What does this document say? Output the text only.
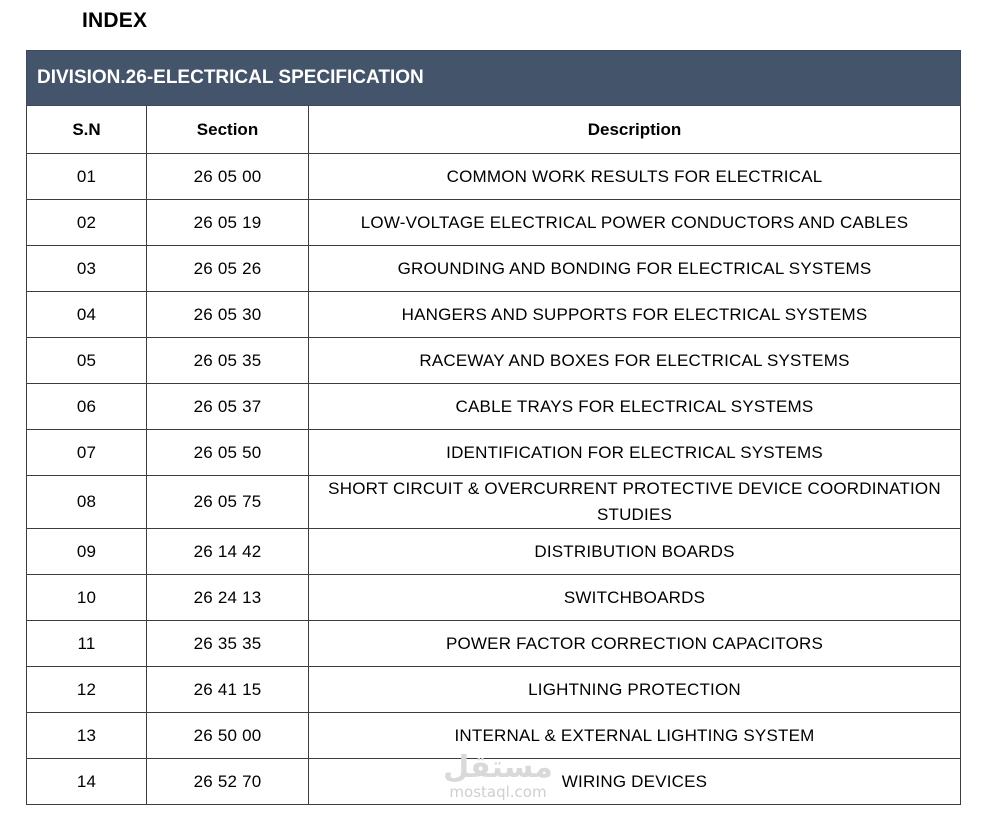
INDEX
DIVISION.26-ELECTRICAL SPECIFICATION		
S.N	Section	Description
01	26 05 00	COMMON WORK RESULTS FOR ELECTRICAL
02	26 05 19	LOW-VOLTAGE ELECTRICAL POWER CONDUCTORS AND CABLES
03	26 05 26	GROUNDING AND BONDING FOR ELECTRICAL SYSTEMS
04	26 05 30	HANGERS AND SUPPORTS FOR ELECTRICAL SYSTEMS
05	26 05 35	RACEWAY AND BOXES FOR ELECTRICAL SYSTEMS
06	26 05 37	CABLE TRAYS FOR ELECTRICAL SYSTEMS
07	26 05 50	IDENTIFICATION FOR ELECTRICAL SYSTEMS
08	26 05 75	SHORT CIRCUIT & OVERCURRENT PROTECTIVE DEVICE COORDINATION STUDIES
09	26 14 42	DISTRIBUTION BOARDS
10	26 24 13	SWITCHBOARDS
11	26 35 35	POWER FACTOR CORRECTION CAPACITORS
12	26 41 15	LIGHTNING PROTECTION
13	26 50 00	INTERNAL & EXTERNAL LIGHTING SYSTEM
14	26 52 70	WIRING DEVICES
مستقل
mostaql.com
